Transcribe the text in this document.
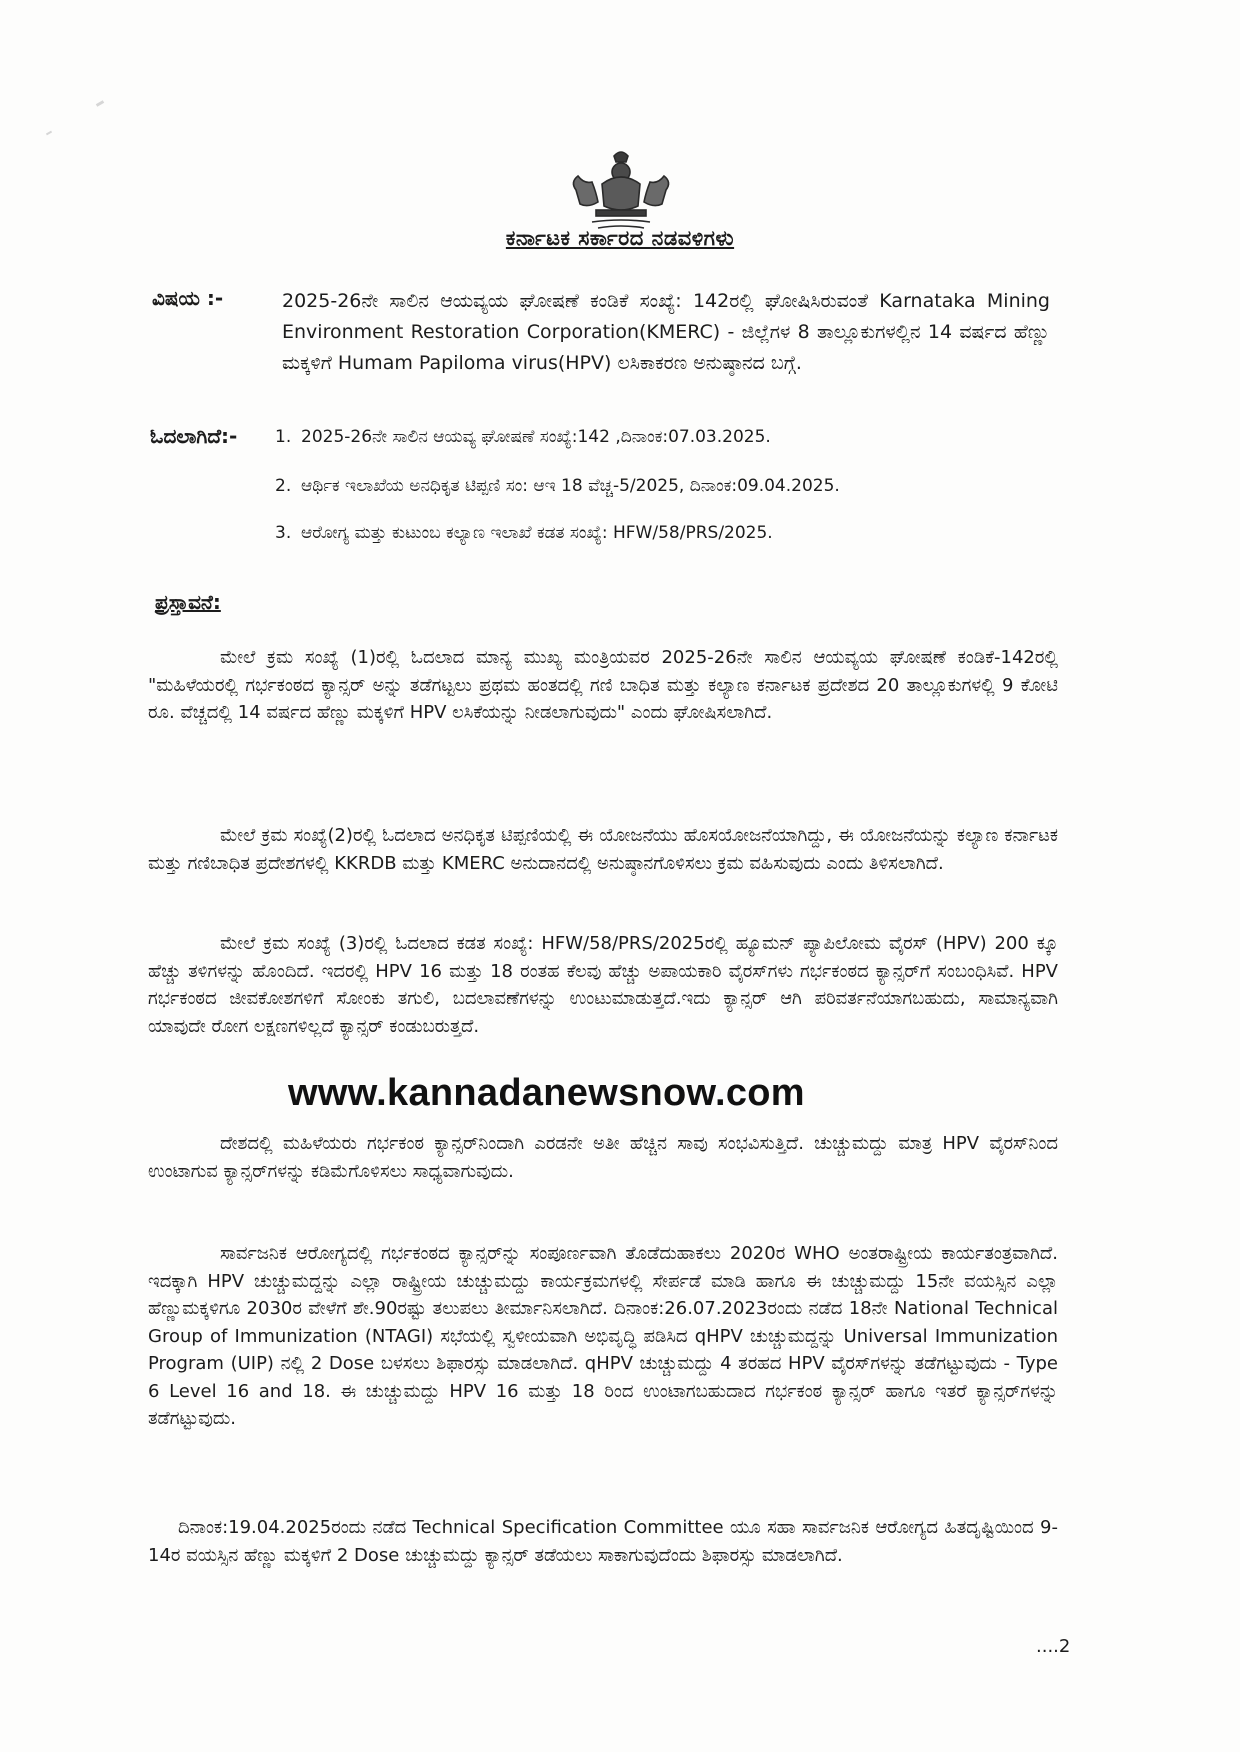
ಕರ್ನಾಟಕ ಸರ್ಕಾರದ ನಡವಳಿಗಳು
ವಿಷಯ :-	2025-26ನೇ ಸಾಲಿನ ಆಯವ್ಯಯ ಘೋಷಣೆ ಕಂಡಿಕೆ ಸಂಖ್ಯೆ: 142ರಲ್ಲಿ ಘೋಷಿಸಿರುವಂತೆ Karnataka Mining Environment Restoration Corporation(KMERC) - ಜಿಲ್ಲೆಗಳ 8 ತಾಲ್ಲೂಕುಗಳಲ್ಲಿನ 14 ವರ್ಷದ ಹೆಣ್ಣು ಮಕ್ಕಳಿಗೆ Humam Papiloma virus(HPV) ಲಸಿಕಾಕರಣ ಅನುಷ್ಠಾನದ ಬಗ್ಗೆ.
ಓದಲಾಗಿದೆ:- 1. 2025-26ನೇ ಸಾಲಿನ ಆಯವ್ಯ ಘೋಷಣೆ ಸಂಖ್ಯೆ:142 ,ದಿನಾಂಕ:07.03.2025.
2. ಆರ್ಥಿಕ ಇಲಾಖೆಯ ಅನಧಿಕೃತ ಟಿಪ್ಪಣಿ ಸಂ: ಆಇ 18 ವೆಚ್ಚ-5/2025, ದಿನಾಂಕ:09.04.2025.
3. ಆರೋಗ್ಯ ಮತ್ತು ಕುಟುಂಬ ಕಲ್ಯಾಣ ಇಲಾಖೆ ಕಡತ ಸಂಖ್ಯೆ: HFW/58/PRS/2025.
ಪ್ರಸ್ತಾವನೆ:

ಮೇಲೆ ಕ್ರಮ ಸಂಖ್ಯೆ (1)ರಲ್ಲಿ ಓದಲಾದ ಮಾನ್ಯ ಮುಖ್ಯ ಮಂತ್ರಿಯವರ 2025-26ನೇ ಸಾಲಿನ ಆಯವ್ಯಯ ಘೋಷಣೆ ಕಂಡಿಕೆ-142ರಲ್ಲಿ "ಮಹಿಳೆಯರಲ್ಲಿ ಗರ್ಭಕಂಠದ ಕ್ಯಾನ್ಸರ್ ಅನ್ನು ತಡೆಗಟ್ಟಲು ಪ್ರಥಮ ಹಂತದಲ್ಲಿ ಗಣಿ ಬಾಧಿತ ಮತ್ತು ಕಲ್ಯಾಣ ಕರ್ನಾಟಕ ಪ್ರದೇಶದ 20 ತಾಲ್ಲೂಕುಗಳಲ್ಲಿ 9 ಕೋಟಿ ರೂ. ವೆಚ್ಚದಲ್ಲಿ 14 ವರ್ಷದ ಹೆಣ್ಣು ಮಕ್ಕಳಿಗೆ HPV ಲಸಿಕೆಯನ್ನು ನೀಡಲಾಗುವುದು" ಎಂದು ಘೋಷಿಸಲಾಗಿದೆ.

ಮೇಲೆ ಕ್ರಮ ಸಂಖ್ಯೆ(2)ರಲ್ಲಿ ಓದಲಾದ ಅನಧಿಕೃತ ಟಿಪ್ಪಣಿಯಲ್ಲಿ ಈ ಯೋಜನೆಯು ಹೊಸಯೋಜನೆಯಾಗಿದ್ದು, ಈ ಯೋಜನೆಯನ್ನು ಕಲ್ಯಾಣ ಕರ್ನಾಟಕ ಮತ್ತು ಗಣಿಬಾಧಿತ ಪ್ರದೇಶಗಳಲ್ಲಿ KKRDB ಮತ್ತು KMERC ಅನುದಾನದಲ್ಲಿ ಅನುಷ್ಠಾನಗೊಳಿಸಲು ಕ್ರಮ ವಹಿಸುವುದು ಎಂದು ತಿಳಿಸಲಾಗಿದೆ.

ಮೇಲೆ ಕ್ರಮ ಸಂಖ್ಯೆ (3)ರಲ್ಲಿ ಓದಲಾದ ಕಡತ ಸಂಖ್ಯೆ: HFW/58/PRS/2025ರಲ್ಲಿ ಹ್ಯೂಮನ್ ಪ್ಯಾಪಿಲೋಮ ವೈರಸ್ (HPV) 200 ಕ್ಕೂ ಹೆಚ್ಚು ತಳಿಗಳನ್ನು ಹೊಂದಿದೆ. ಇದರಲ್ಲಿ HPV 16 ಮತ್ತು 18 ರಂತಹ ಕೆಲವು ಹೆಚ್ಚು ಅಪಾಯಕಾರಿ ವೈರಸ್‌ಗಳು ಗರ್ಭಕಂಠದ ಕ್ಯಾನ್ಸರ್‌ಗೆ ಸಂಬಂಧಿಸಿವೆ. HPV ಗರ್ಭಕಂಠದ ಜೀವಕೋಶಗಳಿಗೆ ಸೋಂಕು ತಗುಲಿ, ಬದಲಾವಣೆಗಳನ್ನು ಉಂಟುಮಾಡುತ್ತದೆ.ಇದು ಕ್ಯಾನ್ಸರ್ ಆಗಿ ಪರಿವರ್ತನೆಯಾಗಬಹುದು, ಸಾಮಾನ್ಯವಾಗಿ ಯಾವುದೇ ರೋಗ ಲಕ್ಷಣಗಳಿಲ್ಲದೆ ಕ್ಯಾನ್ಸರ್ ಕಂಡುಬರುತ್ತದೆ.

ದೇಶದಲ್ಲಿ ಮಹಿಳೆಯರು ಗರ್ಭಕಂಠ ಕ್ಯಾನ್ಸರ್‌ನಿಂದಾಗಿ ಎರಡನೇ ಅತೀ ಹೆಚ್ಚಿನ ಸಾವು ಸಂಭವಿಸುತ್ತಿದೆ. ಚುಚ್ಚುಮದ್ದು ಮಾತ್ರ HPV ವೈರಸ್‌ನಿಂದ ಉಂಟಾಗುವ ಕ್ಯಾನ್ಸರ್‌ಗಳನ್ನು ಕಡಿಮೆಗೊಳಿಸಲು ಸಾಧ್ಯವಾಗುವುದು.

ಸಾರ್ವಜನಿಕ ಆರೋಗ್ಯದಲ್ಲಿ ಗರ್ಭಕಂಠದ ಕ್ಯಾನ್ಸರ್‌ನ್ನು ಸಂಪೂರ್ಣವಾಗಿ ತೊಡೆದುಹಾಕಲು 2020ರ WHO ಅಂತರಾಷ್ಟ್ರೀಯ ಕಾರ್ಯತಂತ್ರವಾಗಿದೆ. ಇದಕ್ಕಾಗಿ HPV ಚುಚ್ಚುಮದ್ದನ್ನು ಎಲ್ಲಾ ರಾಷ್ಟ್ರೀಯ ಚುಚ್ಚುಮದ್ದು ಕಾರ್ಯಕ್ರಮಗಳಲ್ಲಿ ಸೇರ್ಪಡೆ ಮಾಡಿ ಹಾಗೂ ಈ ಚುಚ್ಚುಮದ್ದು 15ನೇ ವಯಸ್ಸಿನ ಎಲ್ಲಾ ಹೆಣ್ಣುಮಕ್ಕಳಿಗೂ 2030ರ ವೇಳೆಗೆ ಶೇ.90ರಷ್ಟು ತಲುಪಲು ತೀರ್ಮಾನಿಸಲಾಗಿದೆ. ದಿನಾಂಕ:26.07.2023ರಂದು ನಡೆದ 18ನೇ National Technical Group of Immunization (NTAGI) ಸಭೆಯಲ್ಲಿ ಸ್ವಳೀಯವಾಗಿ ಅಭಿವೃದ್ಧಿ ಪಡಿಸಿದ qHPV ಚುಚ್ಚುಮದ್ದನ್ನು Universal Immunization Program (UIP) ನಲ್ಲಿ 2 Dose ಬಳಸಲು ಶಿಫಾರಸ್ಸು ಮಾಡಲಾಗಿದೆ. qHPV ಚುಚ್ಚುಮದ್ದು 4 ತರಹದ HPV ವೈರಸ್‌ಗಳನ್ನು ತಡೆಗಟ್ಟುವುದು - Type 6 Level 16 and 18. ಈ ಚುಚ್ಚುಮದ್ದು HPV 16 ಮತ್ತು 18 ರಿಂದ ಉಂಟಾಗಬಹುದಾದ ಗರ್ಭಕಂಠ ಕ್ಯಾನ್ಸರ್ ಹಾಗೂ ಇತರೆ ಕ್ಯಾನ್ಸರ್‌ಗಳನ್ನು ತಡೆಗಟ್ಟುವುದು.

ದಿನಾಂಕ:19.04.2025ರಂದು ನಡೆದ Technical Specification Committee ಯೂ ಸಹಾ ಸಾರ್ವಜನಿಕ ಆರೋಗ್ಯದ ಹಿತದೃಷ್ಟಿಯಿಂದ 9-14ರ ವಯಸ್ಸಿನ ಹೆಣ್ಣು ಮಕ್ಕಳಿಗೆ 2 Dose ಚುಚ್ಚುಮದ್ದು ಕ್ಯಾನ್ಸರ್ ತಡೆಯಲು ಸಾಕಾಗುವುದೆಂದು ಶಿಫಾರಸ್ಸು ಮಾಡಲಾಗಿದೆ.

www.kannadanewsnow.com
....2
